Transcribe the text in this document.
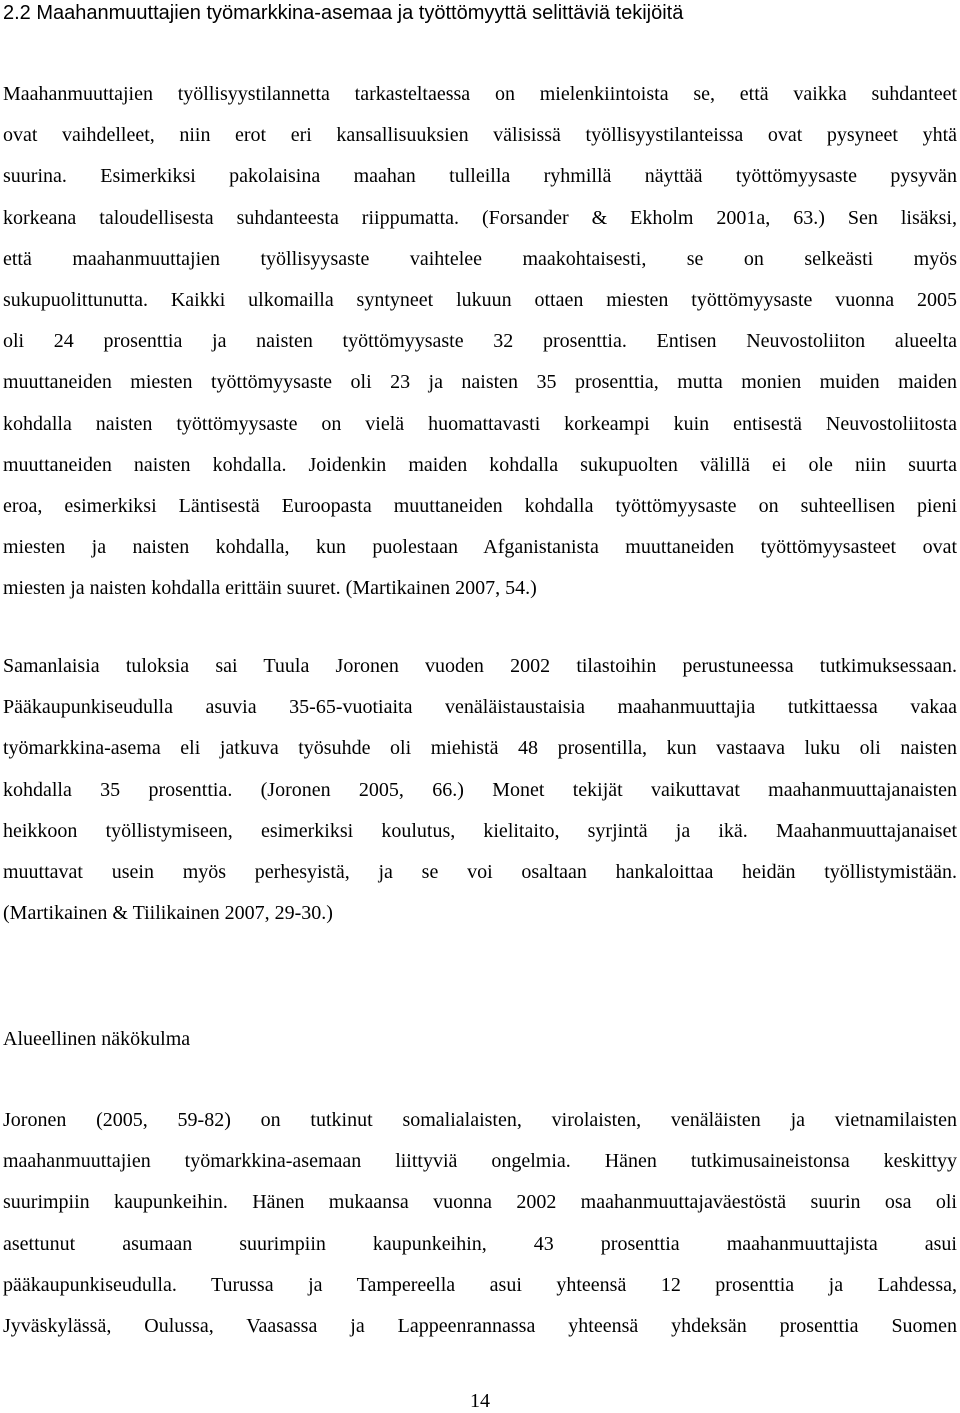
2.2 Maahanmuuttajien työmarkkina-asemaa ja työttömyyttä selittäviä tekijöitä

Maahanmuuttajien työllisyystilannetta tarkasteltaessa on mielenkiintoista se, että vaikka suhdanteet
ovat vaihdelleet, niin erot eri kansallisuuksien välisissä työllisyystilanteissa ovat pysyneet yhtä
suurina. Esimerkiksi pakolaisina maahan tulleilla ryhmillä näyttää työttömyysaste pysyvän
korkeana taloudellisesta suhdanteesta riippumatta. (Forsander & Ekholm 2001a, 63.) Sen lisäksi,
että maahanmuuttajien työllisyysaste vaihtelee maakohtaisesti, se on selkeästi myös
sukupuolittunutta. Kaikki ulkomailla syntyneet lukuun ottaen miesten työttömyysaste vuonna 2005
oli 24 prosenttia ja naisten työttömyysaste 32 prosenttia. Entisen Neuvostoliiton alueelta
muuttaneiden miesten työttömyysaste oli 23 ja naisten 35 prosenttia, mutta monien muiden maiden
kohdalla naisten työttömyysaste on vielä huomattavasti korkeampi kuin entisestä Neuvostoliitosta
muuttaneiden naisten kohdalla. Joidenkin maiden kohdalla sukupuolten välillä ei ole niin suurta
eroa, esimerkiksi Läntisestä Euroopasta muuttaneiden kohdalla työttömyysaste on suhteellisen pieni
miesten ja naisten kohdalla, kun puolestaan Afganistanista muuttaneiden työttömyysasteet ovat
miesten ja naisten kohdalla erittäin suuret. (Martikainen 2007, 54.)

Samanlaisia tuloksia sai Tuula Joronen vuoden 2002 tilastoihin perustuneessa tutkimuksessaan.
Pääkaupunkiseudulla asuvia 35-65-vuotiaita venäläistaustaisia maahanmuuttajia tutkittaessa vakaa
työmarkkina-asema eli jatkuva työsuhde oli miehistä 48 prosentilla, kun vastaava luku oli naisten
kohdalla 35 prosenttia. (Joronen 2005, 66.) Monet tekijät vaikuttavat maahanmuuttajanaisten
heikkoon työllistymiseen, esimerkiksi koulutus, kielitaito, syrjintä ja ikä. Maahanmuuttajanaiset
muuttavat usein myös perhesyistä, ja se voi osaltaan hankaloittaa heidän työllistymistään.
(Martikainen & Tiilikainen 2007, 29-30.)

Alueellinen näkökulma

Joronen (2005, 59-82) on tutkinut somalialaisten, virolaisten, venäläisten ja vietnamilaisten
maahanmuuttajien työmarkkina-asemaan liittyviä ongelmia. Hänen tutkimusaineistonsa keskittyy
suurimpiin kaupunkeihin. Hänen mukaansa vuonna 2002 maahanmuuttajaväestöstä suurin osa oli
asettunut asumaan suurimpiin kaupunkeihin, 43 prosenttia maahanmuuttajista asui
pääkaupunkiseudulla. Turussa ja Tampereella asui yhteensä 12 prosenttia ja Lahdessa,
Jyväskylässä, Oulussa, Vaasassa ja Lappeenrannassa yhteensä yhdeksän prosenttia Suomen

14
